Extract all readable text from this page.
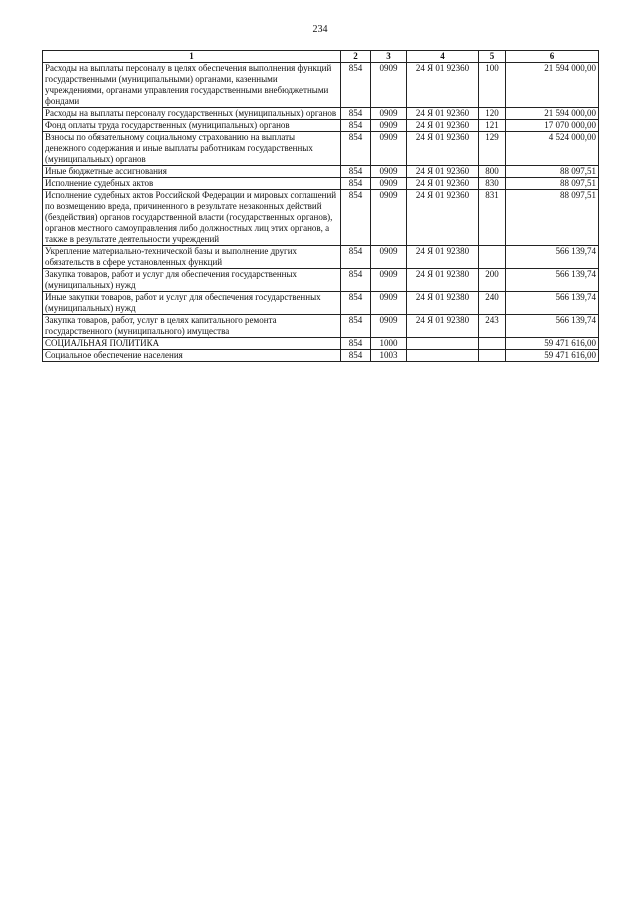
234
1	2	3	4	5	6
Расходы на выплаты персоналу в целях обеспечения выполнения функций государственными (муниципальными) органами, казенными учреждениями, органами управления государственными внебюджетными фондами	854	0909	24 Я 01 92360	100	21 594 000,00
Расходы на выплаты персоналу государственных (муниципальных) органов	854	0909	24 Я 01 92360	120	21 594 000,00
Фонд оплаты труда государственных (муниципальных) органов	854	0909	24 Я 01 92360	121	17 070 000,00
Взносы по обязательному социальному страхованию на выплаты денежного содержания и иные выплаты работникам государственных (муниципальных) органов	854	0909	24 Я 01 92360	129	4 524 000,00
Иные бюджетные ассигнования	854	0909	24 Я 01 92360	800	88 097,51
Исполнение судебных актов	854	0909	24 Я 01 92360	830	88 097,51
Исполнение судебных актов Российской Федерации и мировых соглашений по возмещению вреда, причиненного в результате незаконных действий (бездействия) органов государственной власти (государственных органов), органов местного самоуправления либо должностных лиц этих органов, а также в результате деятельности учреждений	854	0909	24 Я 01 92360	831	88 097,51
Укрепление материально-технической базы и выполнение других обязательств в сфере установленных функций	854	0909	24 Я 01 92380		566 139,74
Закупка товаров, работ и услуг для обеспечения государственных (муниципальных) нужд	854	0909	24 Я 01 92380	200	566 139,74
Иные закупки товаров, работ и услуг для обеспечения государственных (муниципальных) нужд	854	0909	24 Я 01 92380	240	566 139,74
Закупка товаров, работ, услуг в целях капитального ремонта государственного (муниципального) имущества	854	0909	24 Я 01 92380	243	566 139,74
СОЦИАЛЬНАЯ ПОЛИТИКА	854	1000			59 471 616,00
Социальное обеспечение населения	854	1003			59 471 616,00
